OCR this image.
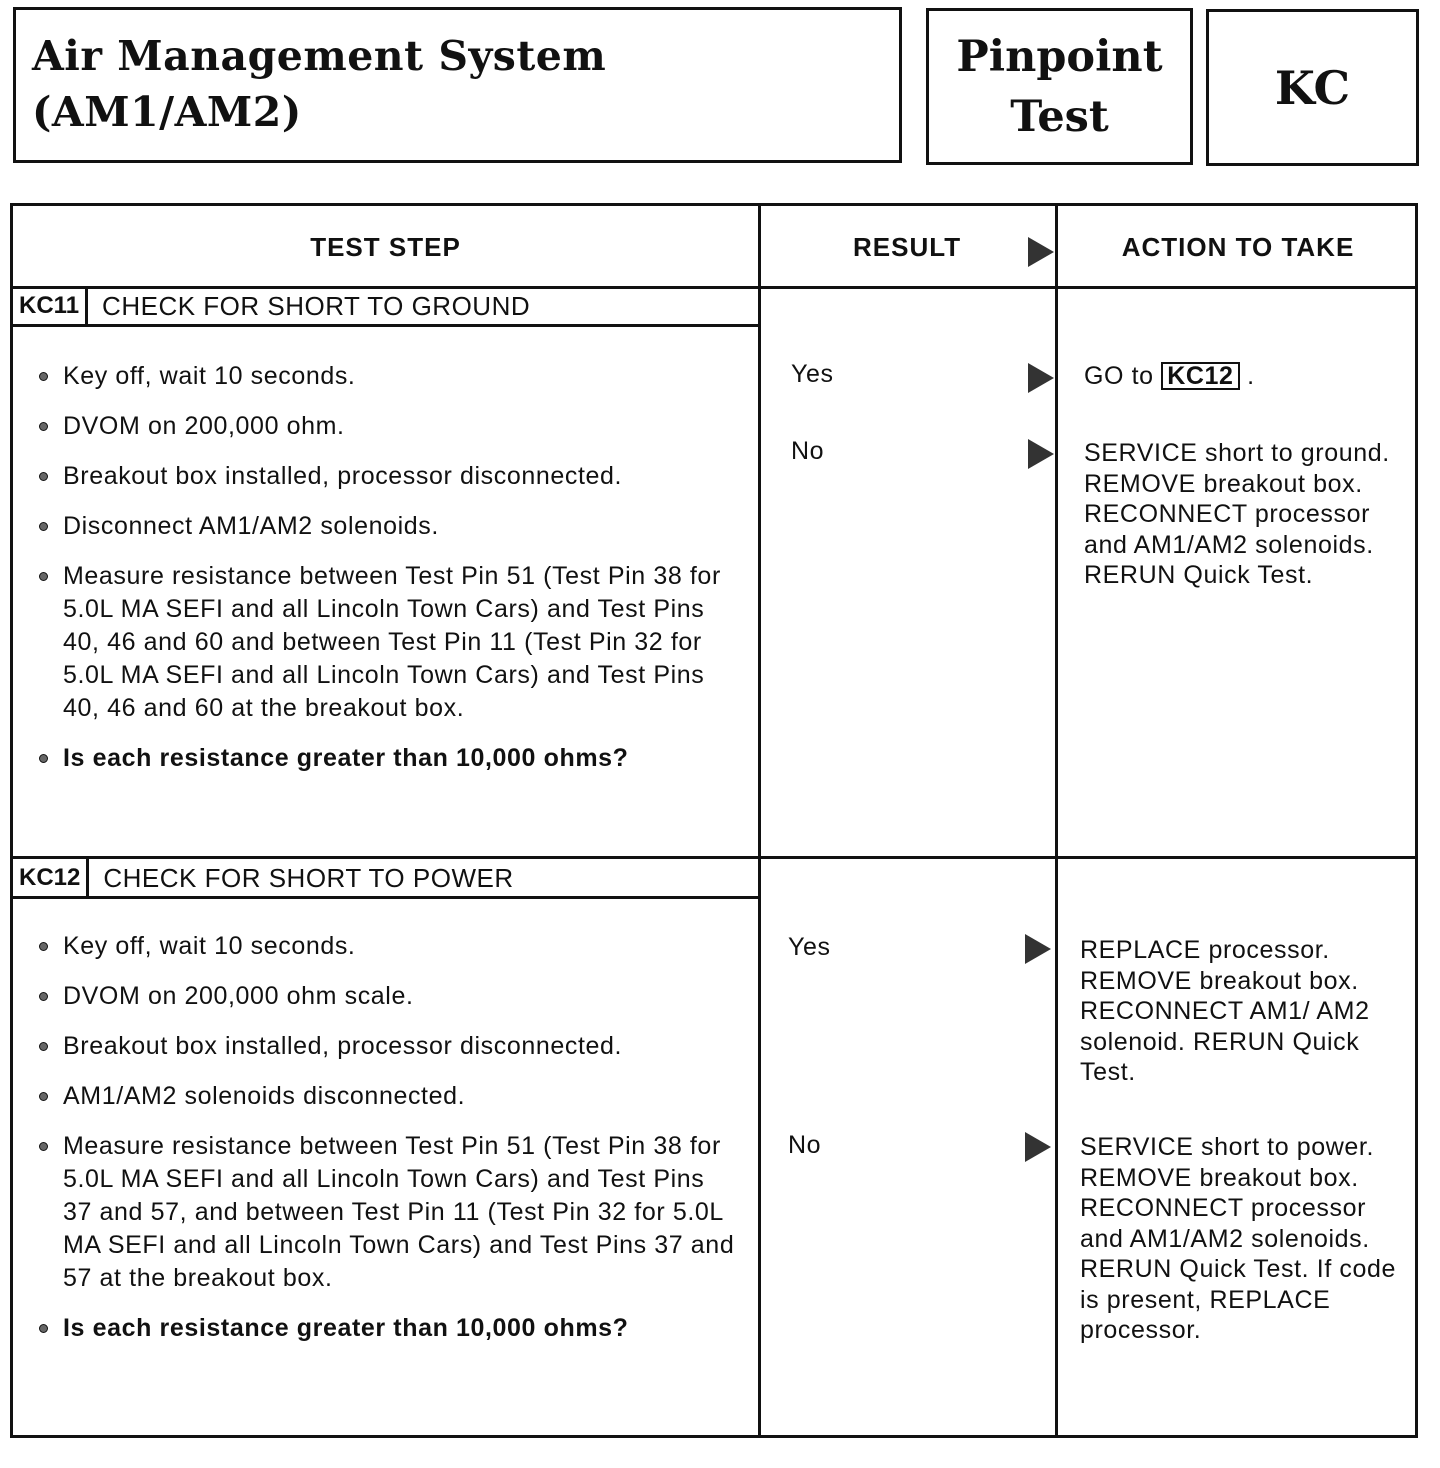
Air Management System
(AM1/AM2)
Pinpoint
Test
KC
TEST STEP	RESULT	ACTION TO TAKE
KC11 CHECK FOR SHORT TO GROUND
Key off, wait 10 seconds.
DVOM on 200,000 ohm.
Breakout box installed, processor disconnected.
Disconnect AM1/AM2 solenoids.
Measure resistance between Test Pin 51 (Test Pin 38 for 5.0L MA SEFI and all Lincoln Town Cars) and Test Pins 40, 46 and 60 and between Test Pin 11 (Test Pin 32 for 5.0L MA SEFI and all Lincoln Town Cars) and Test Pins 40, 46 and 60 at the breakout box.
Is each resistance greater than 10,000 ohms?
Yes	GO to KC12 .
No	SERVICE short to ground. REMOVE breakout box. RECONNECT processor and AM1/AM2 solenoids. RERUN Quick Test.
KC12 CHECK FOR SHORT TO POWER
Key off, wait 10 seconds.
DVOM on 200,000 ohm scale.
Breakout box installed, processor disconnected.
AM1/AM2 solenoids disconnected.
Measure resistance between Test Pin 51 (Test Pin 38 for 5.0L MA SEFI and all Lincoln Town Cars) and Test Pins 37 and 57, and between Test Pin 11 (Test Pin 32 for 5.0L MA SEFI and all Lincoln Town Cars) and Test Pins 37 and 57 at the breakout box.
Is each resistance greater than 10,000 ohms?
Yes	REPLACE processor. REMOVE breakout box. RECONNECT AM1/ AM2 solenoid. RERUN Quick Test.
No	SERVICE short to power. REMOVE breakout box. RECONNECT processor and AM1/AM2 solenoids. RERUN Quick Test. If code is present, REPLACE processor.
